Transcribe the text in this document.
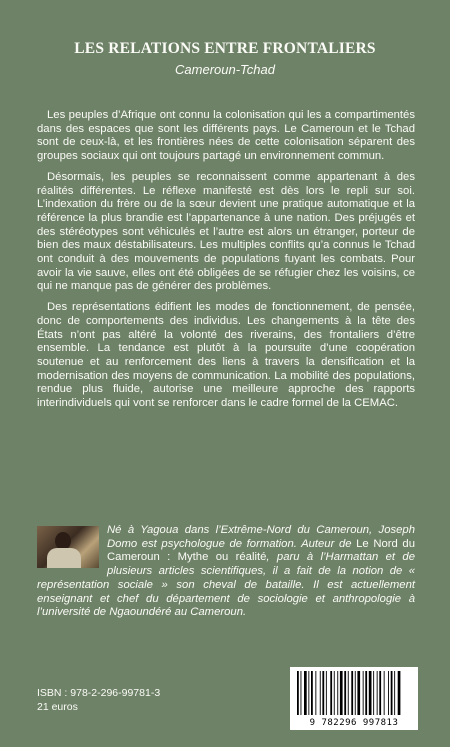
LES RELATIONS ENTRE FRONTALIERS
Cameroun-Tchad

Les peuples d’Afrique ont connu la colonisation qui les a compartimentés dans des espaces que sont les différents pays. Le Cameroun et le Tchad sont de ceux-là, et les frontières nées de cette colonisation séparent des groupes sociaux qui ont toujours partagé un environnement commun.

Désormais, les peuples se reconnaissent comme appartenant à des réalités différentes. Le réflexe manifesté est dès lors le repli sur soi. L’indexation du frère ou de la sœur devient une pratique automatique et la référence la plus brandie est l’appartenance à une nation. Des préjugés et des stéréotypes sont véhiculés et l’autre est alors un étranger, porteur de bien des maux déstabilisateurs. Les multiples conflits qu’a connus le Tchad ont conduit à des mouvements de populations fuyant les combats. Pour avoir la vie sauve, elles ont été obligées de se réfugier chez les voisins, ce qui ne manque pas de générer des problèmes.

Des représentations édifient les modes de fonctionnement, de pensée, donc de comportements des individus. Les changements à la tête des États n’ont pas altéré la volonté des riverains, des frontaliers d’être ensemble. La tendance est plutôt à la poursuite d’une coopération soutenue et au renforcement des liens à travers la densification et la modernisation des moyens de communication. La mobilité des populations, rendue plus fluide, autorise une meilleure approche des rapports interindividuels qui vont se renforcer dans le cadre formel de la CEMAC.

Né à Yagoua dans l’Extrême-Nord du Cameroun, Joseph Domo est psychologue de formation. Auteur de Le Nord du Cameroun : Mythe ou réalité, paru à l’Harmattan et de plusieurs articles scientifiques, il a fait de la notion de « représentation sociale » son cheval de bataille. Il est actuellement enseignant et chef du département de sociologie et anthropologie à l’université de Ngaoundéré au Cameroun.
ISBN : 978-2-296-99781-3
21 euros
9 782296 997813
